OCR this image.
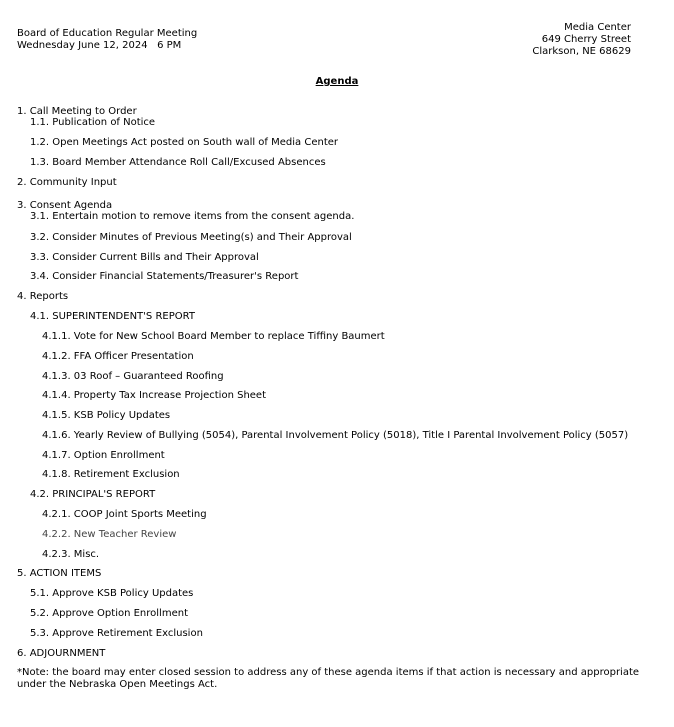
Board of Education Regular Meeting
Wednesday June 12, 2024   6 PM
Media Center
649 Cherry Street
Clarkson, NE 68629
Agenda
1. Call Meeting to Order
1.1. Publication of Notice
1.2. Open Meetings Act posted on South wall of Media Center
1.3. Board Member Attendance Roll Call/Excused Absences
2. Community Input
3. Consent Agenda
3.1. Entertain motion to remove items from the consent agenda.
3.2. Consider Minutes of Previous Meeting(s) and Their Approval
3.3. Consider Current Bills and Their Approval
3.4. Consider Financial Statements/Treasurer's Report
4. Reports
4.1. SUPERINTENDENT'S REPORT
4.1.1. Vote for New School Board Member to replace Tiffiny Baumert
4.1.2. FFA Officer Presentation
4.1.3. 03 Roof – Guaranteed Roofing
4.1.4. Property Tax Increase Projection Sheet
4.1.5. KSB Policy Updates
4.1.6. Yearly Review of Bullying (5054), Parental Involvement Policy (5018), Title I Parental Involvement Policy (5057)
4.1.7. Option Enrollment
4.1.8. Retirement Exclusion
4.2. PRINCIPAL'S REPORT
4.2.1. COOP Joint Sports Meeting
4.2.2. New Teacher Review
4.2.3. Misc.
5. ACTION ITEMS
5.1. Approve KSB Policy Updates
5.2. Approve Option Enrollment
5.3. Approve Retirement Exclusion
6. ADJOURNMENT
*Note: the board may enter closed session to address any of these agenda items if that action is necessary and appropriate under the Nebraska Open Meetings Act.
